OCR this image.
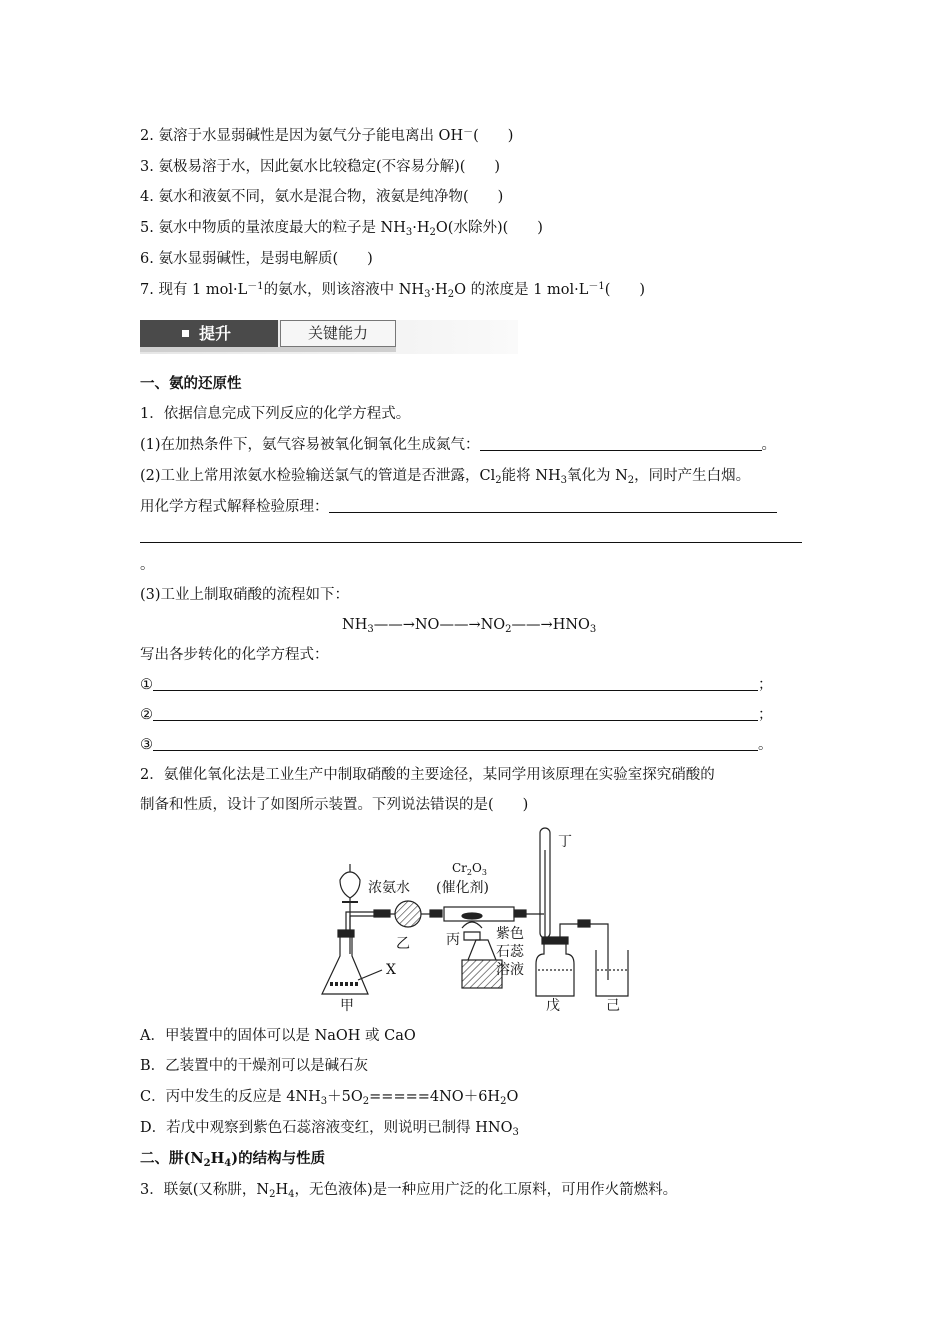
2. 氨溶于水显弱碱性是因为氨气分子能电离出 OH－(　　)
3. 氨极易溶于水，因此氨水比较稳定(不容易分解)(　　)
4. 氨水和液氨不同，氨水是混合物，液氨是纯净物(　　)
5. 氨水中物质的量浓度最大的粒子是 $NH_3\cdot H_2O$(水除外)(　　)
6. 氨水显弱碱性，是弱电解质(　　)
7. 现有 1 $mol\cdot L^{-1}$的氨水，则该溶液中 $NH_3\cdot H_2O$ 的浓度是 1 $mol\cdot L^{-1}$(　　)
提升	关键能力
一、氨的还原性
1．依据信息完成下列反应的化学方程式。
(1)在加热条件下，氨气容易被氧化铜氧化生成氮气：	。
(2)工业上常用浓氨水检验输送氯气的管道是否泄露，$Cl_2$能将 $NH_3$氧化为 $N_2$，同时产生白烟。
用化学方程式解释检验原理：
。
(3)工业上制取硝酸的流程如下：
$NH_3——\to NO——\to NO_2——\to HNO_3$
写出各步转化的化学方程式：
①	；
②	；
③	。
2．氨催化氧化法是工业生产中制取硝酸的主要途径，某同学用该原理在实验室探究硝酸的
制备和性质，设计了如图所示装置。下列说法错误的是(　　)
丁
$Cr_2O_3$
(催化剂)
浓氨水
乙	丙	紫色
石蕊
溶液
X
甲	戊	己
A．甲装置中的固体可以是 NaOH 或 CaO
B．乙装置中的干燥剂可以是碱石灰
C．丙中发生的反应是 $4NH_3+5O_2=====4NO+6H_2O$
D．若戊中观察到紫色石蕊溶液变红，则说明已制得 $HNO_3$
二、肼$(N_2H_4)$的结构与性质
3．联氨(又称肼，$N_2H_4$，无色液体)是一种应用广泛的化工原料，可用作火箭燃料。
